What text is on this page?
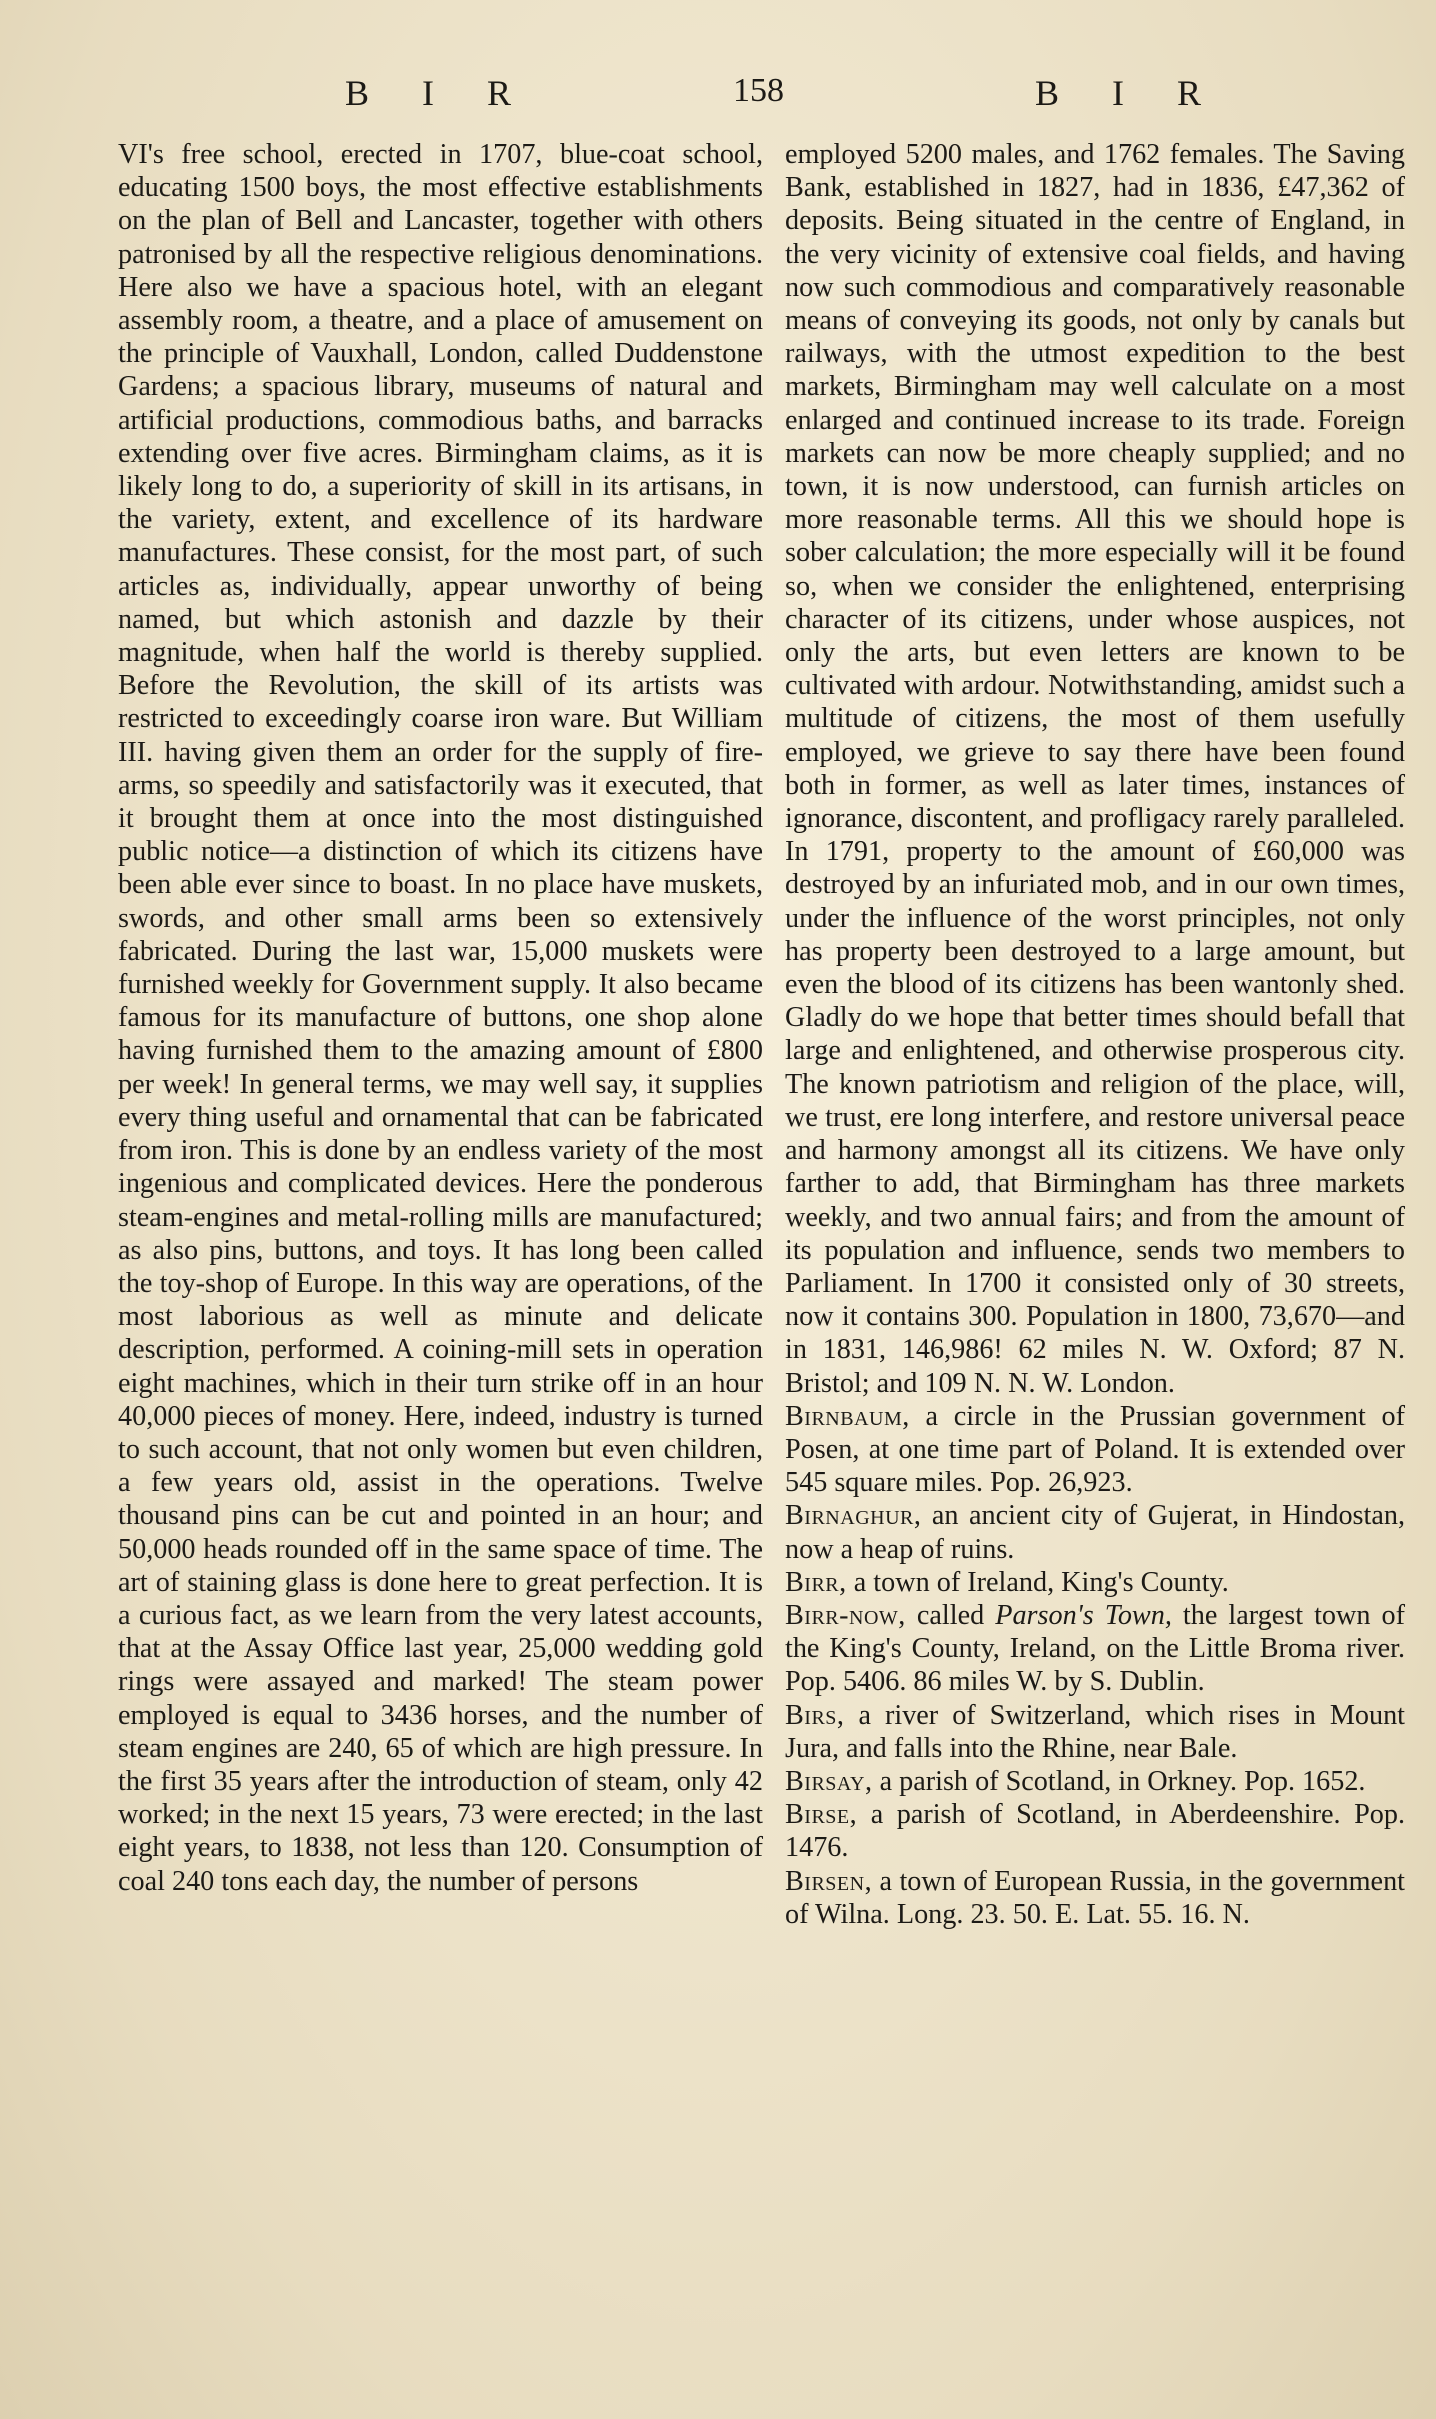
B I R	158	B I R

VI's free school, erected in 1707, blue-coat school, educating 1500 boys, the most effective establishments on the plan of Bell and Lancaster, together with others patronised by all the respective religious denominations. Here also we have a spacious hotel, with an elegant assembly room, a theatre, and a place of amusement on the principle of Vauxhall, London, called Duddenstone Gardens; a spacious library, museums of natural and artificial productions, commodious baths, and barracks extending over five acres. Birmingham claims, as it is likely long to do, a superiority of skill in its artisans, in the variety, extent, and excellence of its hardware manufactures. These consist, for the most part, of such articles as, individually, appear unworthy of being named, but which astonish and dazzle by their magnitude, when half the world is thereby supplied. Before the Revolution, the skill of its artists was restricted to exceedingly coarse iron ware. But William III. having given them an order for the supply of fire-arms, so speedily and satisfactorily was it executed, that it brought them at once into the most distinguished public notice—a distinction of which its citizens have been able ever since to boast. In no place have muskets, swords, and other small arms been so extensively fabricated. During the last war, 15,000 muskets were furnished weekly for Government supply. It also became famous for its manufacture of buttons, one shop alone having furnished them to the amazing amount of £800 per week! In general terms, we may well say, it supplies every thing useful and ornamental that can be fabricated from iron. This is done by an endless variety of the most ingenious and complicated devices. Here the ponderous steam-engines and metal-rolling mills are manufactured; as also pins, buttons, and toys. It has long been called the toy-shop of Europe. In this way are operations, of the most laborious as well as minute and delicate description, performed. A coining-mill sets in operation eight machines, which in their turn strike off in an hour 40,000 pieces of money. Here, indeed, industry is turned to such account, that not only women but even children, a few years old, assist in the operations. Twelve thousand pins can be cut and pointed in an hour; and 50,000 heads rounded off in the same space of time. The art of staining glass is done here to great perfection. It is a curious fact, as we learn from the very latest accounts, that at the Assay Office last year, 25,000 wedding gold rings were assayed and marked! The steam power employed is equal to 3436 horses, and the number of steam engines are 240, 65 of which are high pressure. In the first 35 years after the introduction of steam, only 42 worked; in the next 15 years, 73 were erected; in the last eight years, to 1838, not less than 120. Consumption of coal 240 tons each day, the number of persons

employed 5200 males, and 1762 females. The Saving Bank, established in 1827, had in 1836, £47,362 of deposits. Being situated in the centre of England, in the very vicinity of extensive coal fields, and having now such commodious and comparatively reasonable means of conveying its goods, not only by canals but railways, with the utmost expedition to the best markets, Birmingham may well calculate on a most enlarged and continued increase to its trade. Foreign markets can now be more cheaply supplied; and no town, it is now understood, can furnish articles on more reasonable terms. All this we should hope is sober calculation; the more especially will it be found so, when we consider the enlightened, enterprising character of its citizens, under whose auspices, not only the arts, but even letters are known to be cultivated with ardour. Notwithstanding, amidst such a multitude of citizens, the most of them usefully employed, we grieve to say there have been found both in former, as well as later times, instances of ignorance, discontent, and profligacy rarely paralleled. In 1791, property to the amount of £60,000 was destroyed by an infuriated mob, and in our own times, under the influence of the worst principles, not only has property been destroyed to a large amount, but even the blood of its citizens has been wantonly shed. Gladly do we hope that better times should befall that large and enlightened, and otherwise prosperous city. The known patriotism and religion of the place, will, we trust, ere long interfere, and restore universal peace and harmony amongst all its citizens. We have only farther to add, that Birmingham has three markets weekly, and two annual fairs; and from the amount of its population and influence, sends two members to Parliament. In 1700 it consisted only of 30 streets, now it contains 300. Population in 1800, 73,670—and in 1831, 146,986! 62 miles N. W. Oxford; 87 N. Bristol; and 109 N. N. W. London.

Birnbaum, a circle in the Prussian government of Posen, at one time part of Poland. It is extended over 545 square miles. Pop. 26,923.

Birnaghur, an ancient city of Gujerat, in Hindostan, now a heap of ruins.

Birr, a town of Ireland, King's County.

Birr-now, called Parson's Town, the largest town of the King's County, Ireland, on the Little Broma river. Pop. 5406. 86 miles W. by S. Dublin.

Birs, a river of Switzerland, which rises in Mount Jura, and falls into the Rhine, near Bale.

Birsay, a parish of Scotland, in Orkney. Pop. 1652.

Birse, a parish of Scotland, in Aberdeenshire. Pop. 1476.

Birsen, a town of European Russia, in the government of Wilna. Long. 23. 50. E. Lat. 55. 16. N.
